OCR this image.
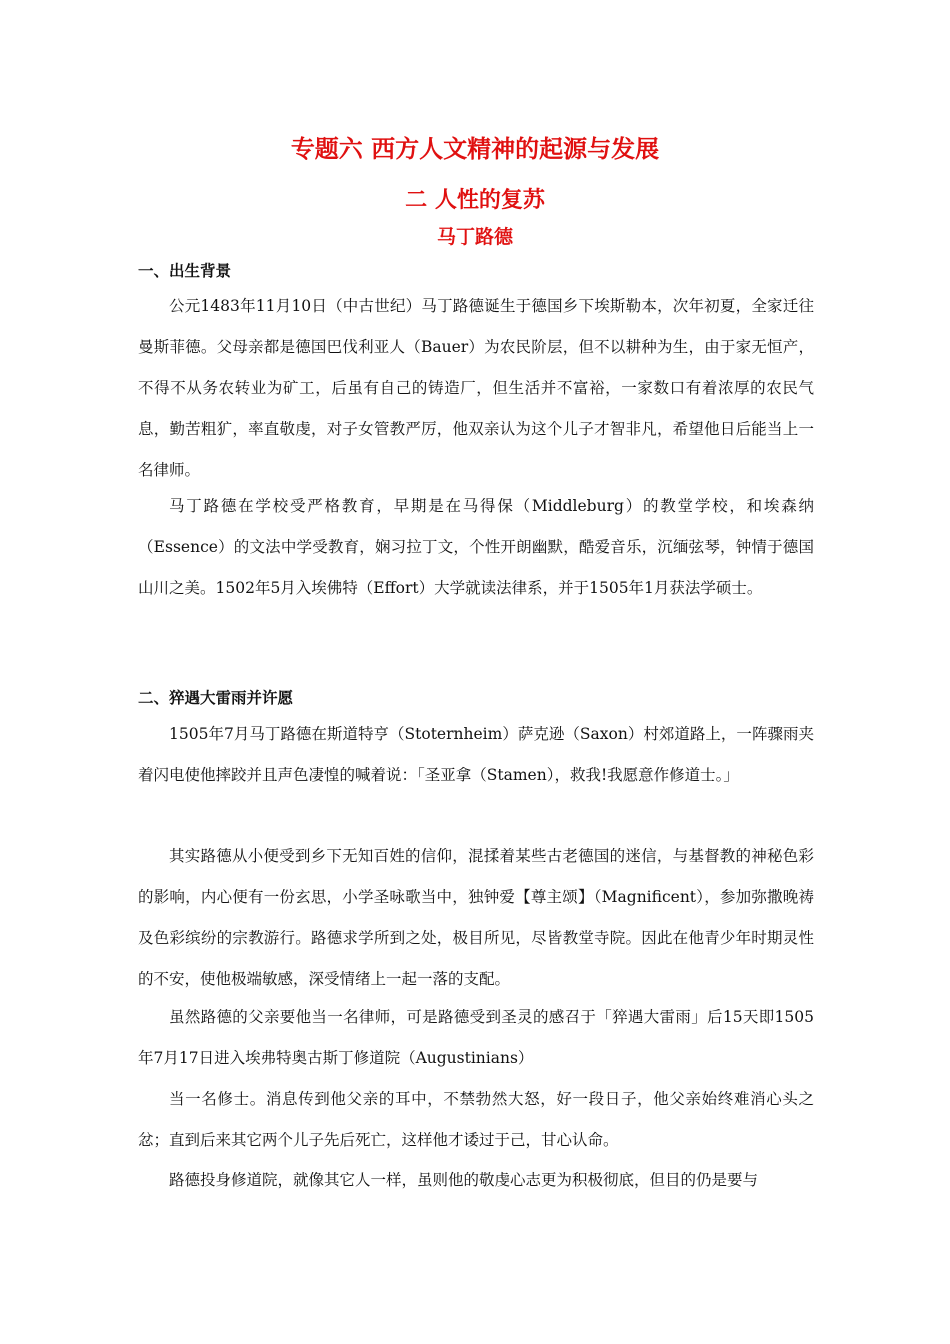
专题六 西方人文精神的起源与发展
二 人性的复苏
马丁路德
一、出生背景

公元1483年11月10日（中古世纪）马丁路德诞生于德国乡下埃斯勒本，次年初夏，全家迁往曼斯菲德。父母亲都是德国巴伐利亚人（Bauer）为农民阶层，但不以耕种为生，由于家无恒产，不得不从务农转业为矿工，后虽有自己的铸造厂，但生活并不富裕，一家数口有着浓厚的农民气息，勤苦粗犷，率直敬虔，对子女管教严厉，他双亲认为这个儿子才智非凡，希望他日后能当上一名律师。

马丁路德在学校受严格教育，早期是在马得保（Middleburg）的教堂学校，和埃森纳（Essence）的文法中学受教育，娴习拉丁文，个性开朗幽默，酷爱音乐，沉缅弦琴，钟情于德国山川之美。1502年5月入埃佛特（Effort）大学就读法律系，并于1505年1月获法学硕士。

二、猝遇大雷雨并许愿

1505年7月马丁路德在斯道特亨（Stoternheim）萨克逊（Saxon）村郊道路上，一阵骤雨夹着闪电使他摔跤并且声色凄惶的喊着说：「圣亚拿（Stamen），救我!我愿意作修道士。」

其实路德从小便受到乡下无知百姓的信仰，混揉着某些古老德国的迷信，与基督教的神秘色彩的影响，内心便有一份玄思，小学圣咏歌当中，独钟爱【尊主颂】（Magnificent），参加弥撒晚祷及色彩缤纷的宗教游行。路德求学所到之处，极目所见，尽皆教堂寺院。因此在他青少年时期灵性的不安，使他极端敏感，深受情绪上一起一落的支配。

虽然路德的父亲要他当一名律师，可是路德受到圣灵的感召于「猝遇大雷雨」后15天即1505年7月17日进入埃弗特奥古斯丁修道院（Augustinians）

当一名修士。消息传到他父亲的耳中，不禁勃然大怒，好一段日子，他父亲始终难消心头之忿；直到后来其它两个儿子先后死亡，这样他才诿过于己，甘心认命。

路德投身修道院，就像其它人一样，虽则他的敬虔心志更为积极彻底，但目的仍是要与
